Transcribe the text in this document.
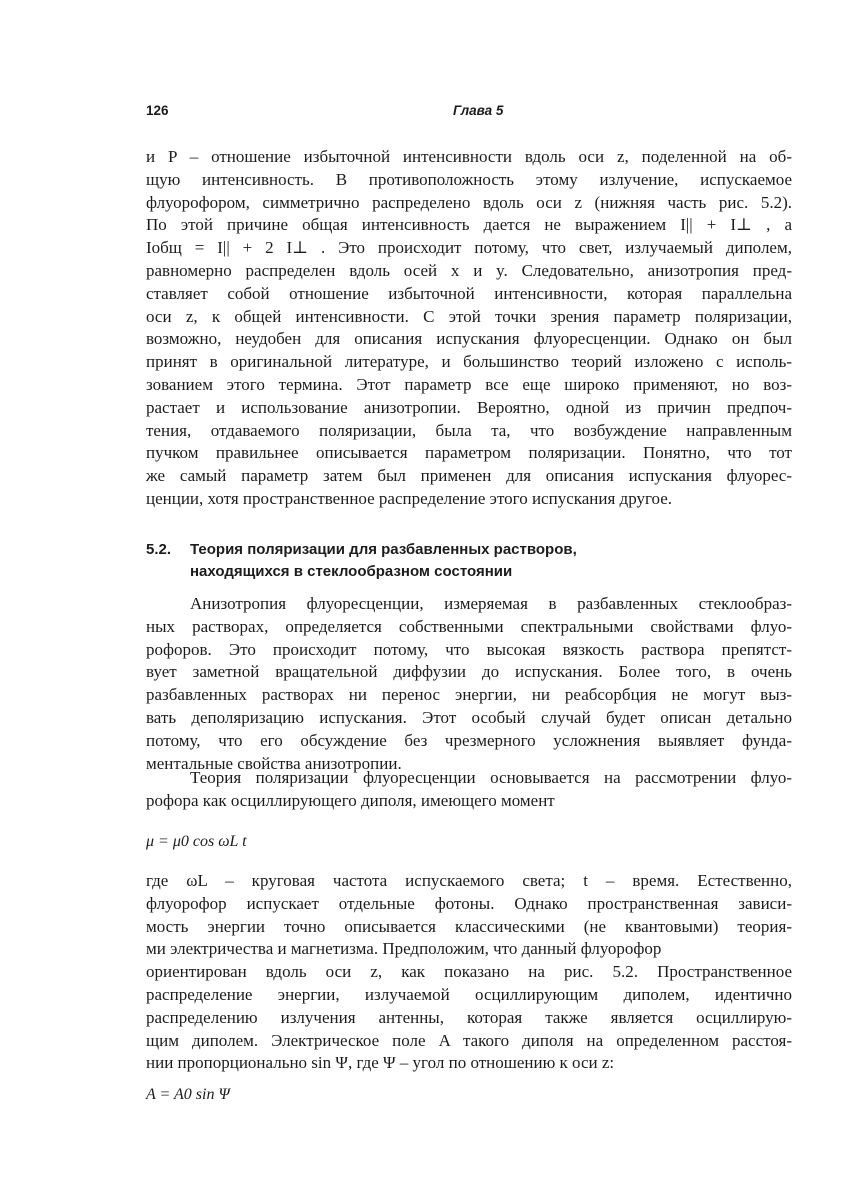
126	Глава 5
и P – отношение избыточной интенсивности вдоль оси z, поделенной на об-
щую интенсивность. В противоположность этому излучение, испускаемое
флуорофором, симметрично распределено вдоль оси z (нижняя часть рис. 5.2).
По этой причине общая интенсивность дается не выражением I|| + I⊥ , а
Iобщ = I|| + 2 I⊥ . Это происходит потому, что свет, излучаемый диполем,
равномерно распределен вдоль осей x и y. Следовательно, анизотропия пред-
ставляет собой отношение избыточной интенсивности, которая параллельна
оси z, к общей интенсивности. С этой точки зрения параметр поляризации,
возможно, неудобен для описания испускания флуоресценции. Однако он был
принят в оригинальной литературе, и большинство теорий изложено с исполь-
зованием этого термина. Этот параметр все еще широко применяют, но воз-
растает и использование анизотропии. Вероятно, одной из причин предпоч-
тения, отдаваемого поляризации, была та, что возбуждение направленным
пучком правильнее описывается параметром поляризации. Понятно, что тот
же самый параметр затем был применен для описания испускания флуорес-
ценции, хотя пространственное распределение этого испускания другое.
5.2. Теория поляризации для разбавленных растворов,
находящихся в стеклообразном состоянии
Анизотропия флуоресценции, измеряемая в разбавленных стеклообраз-
ных растворах, определяется собственными спектральными свойствами флуо-
рофоров. Это происходит потому, что высокая вязкость раствора препятст-
вует заметной вращательной диффузии до испускания. Более того, в очень
разбавленных растворах ни перенос энергии, ни реабсорбция не могут выз-
вать деполяризацию испускания. Этот особый случай будет описан детально
потому, что его обсуждение без чрезмерного усложнения выявляет фунда-
ментальные свойства анизотропии.
Теория поляризации флуоресценции основывается на рассмотрении флуо-
рофора как осциллирующего диполя, имеющего момент
μ = μ0 cos ωL t
где ωL – круговая частота испускаемого света; t – время. Естественно,
флуорофор испускает отдельные фотоны. Однако пространственная зависи-
мость энергии точно описывается классическими (не квантовыми) теория-
ми электричества и магнетизма. Предположим, что данный флуорофор
ориентирован вдоль оси z, как показано на рис. 5.2. Пространственное
распределение энергии, излучаемой осциллирующим диполем, идентично
распределению излучения антенны, которая также является осциллирую-
щим диполем. Электрическое поле A такого диполя на определенном расстоя-
нии пропорционально sin Ψ, где Ψ – угол по отношению к оси z:
A = A0 sin Ψ
